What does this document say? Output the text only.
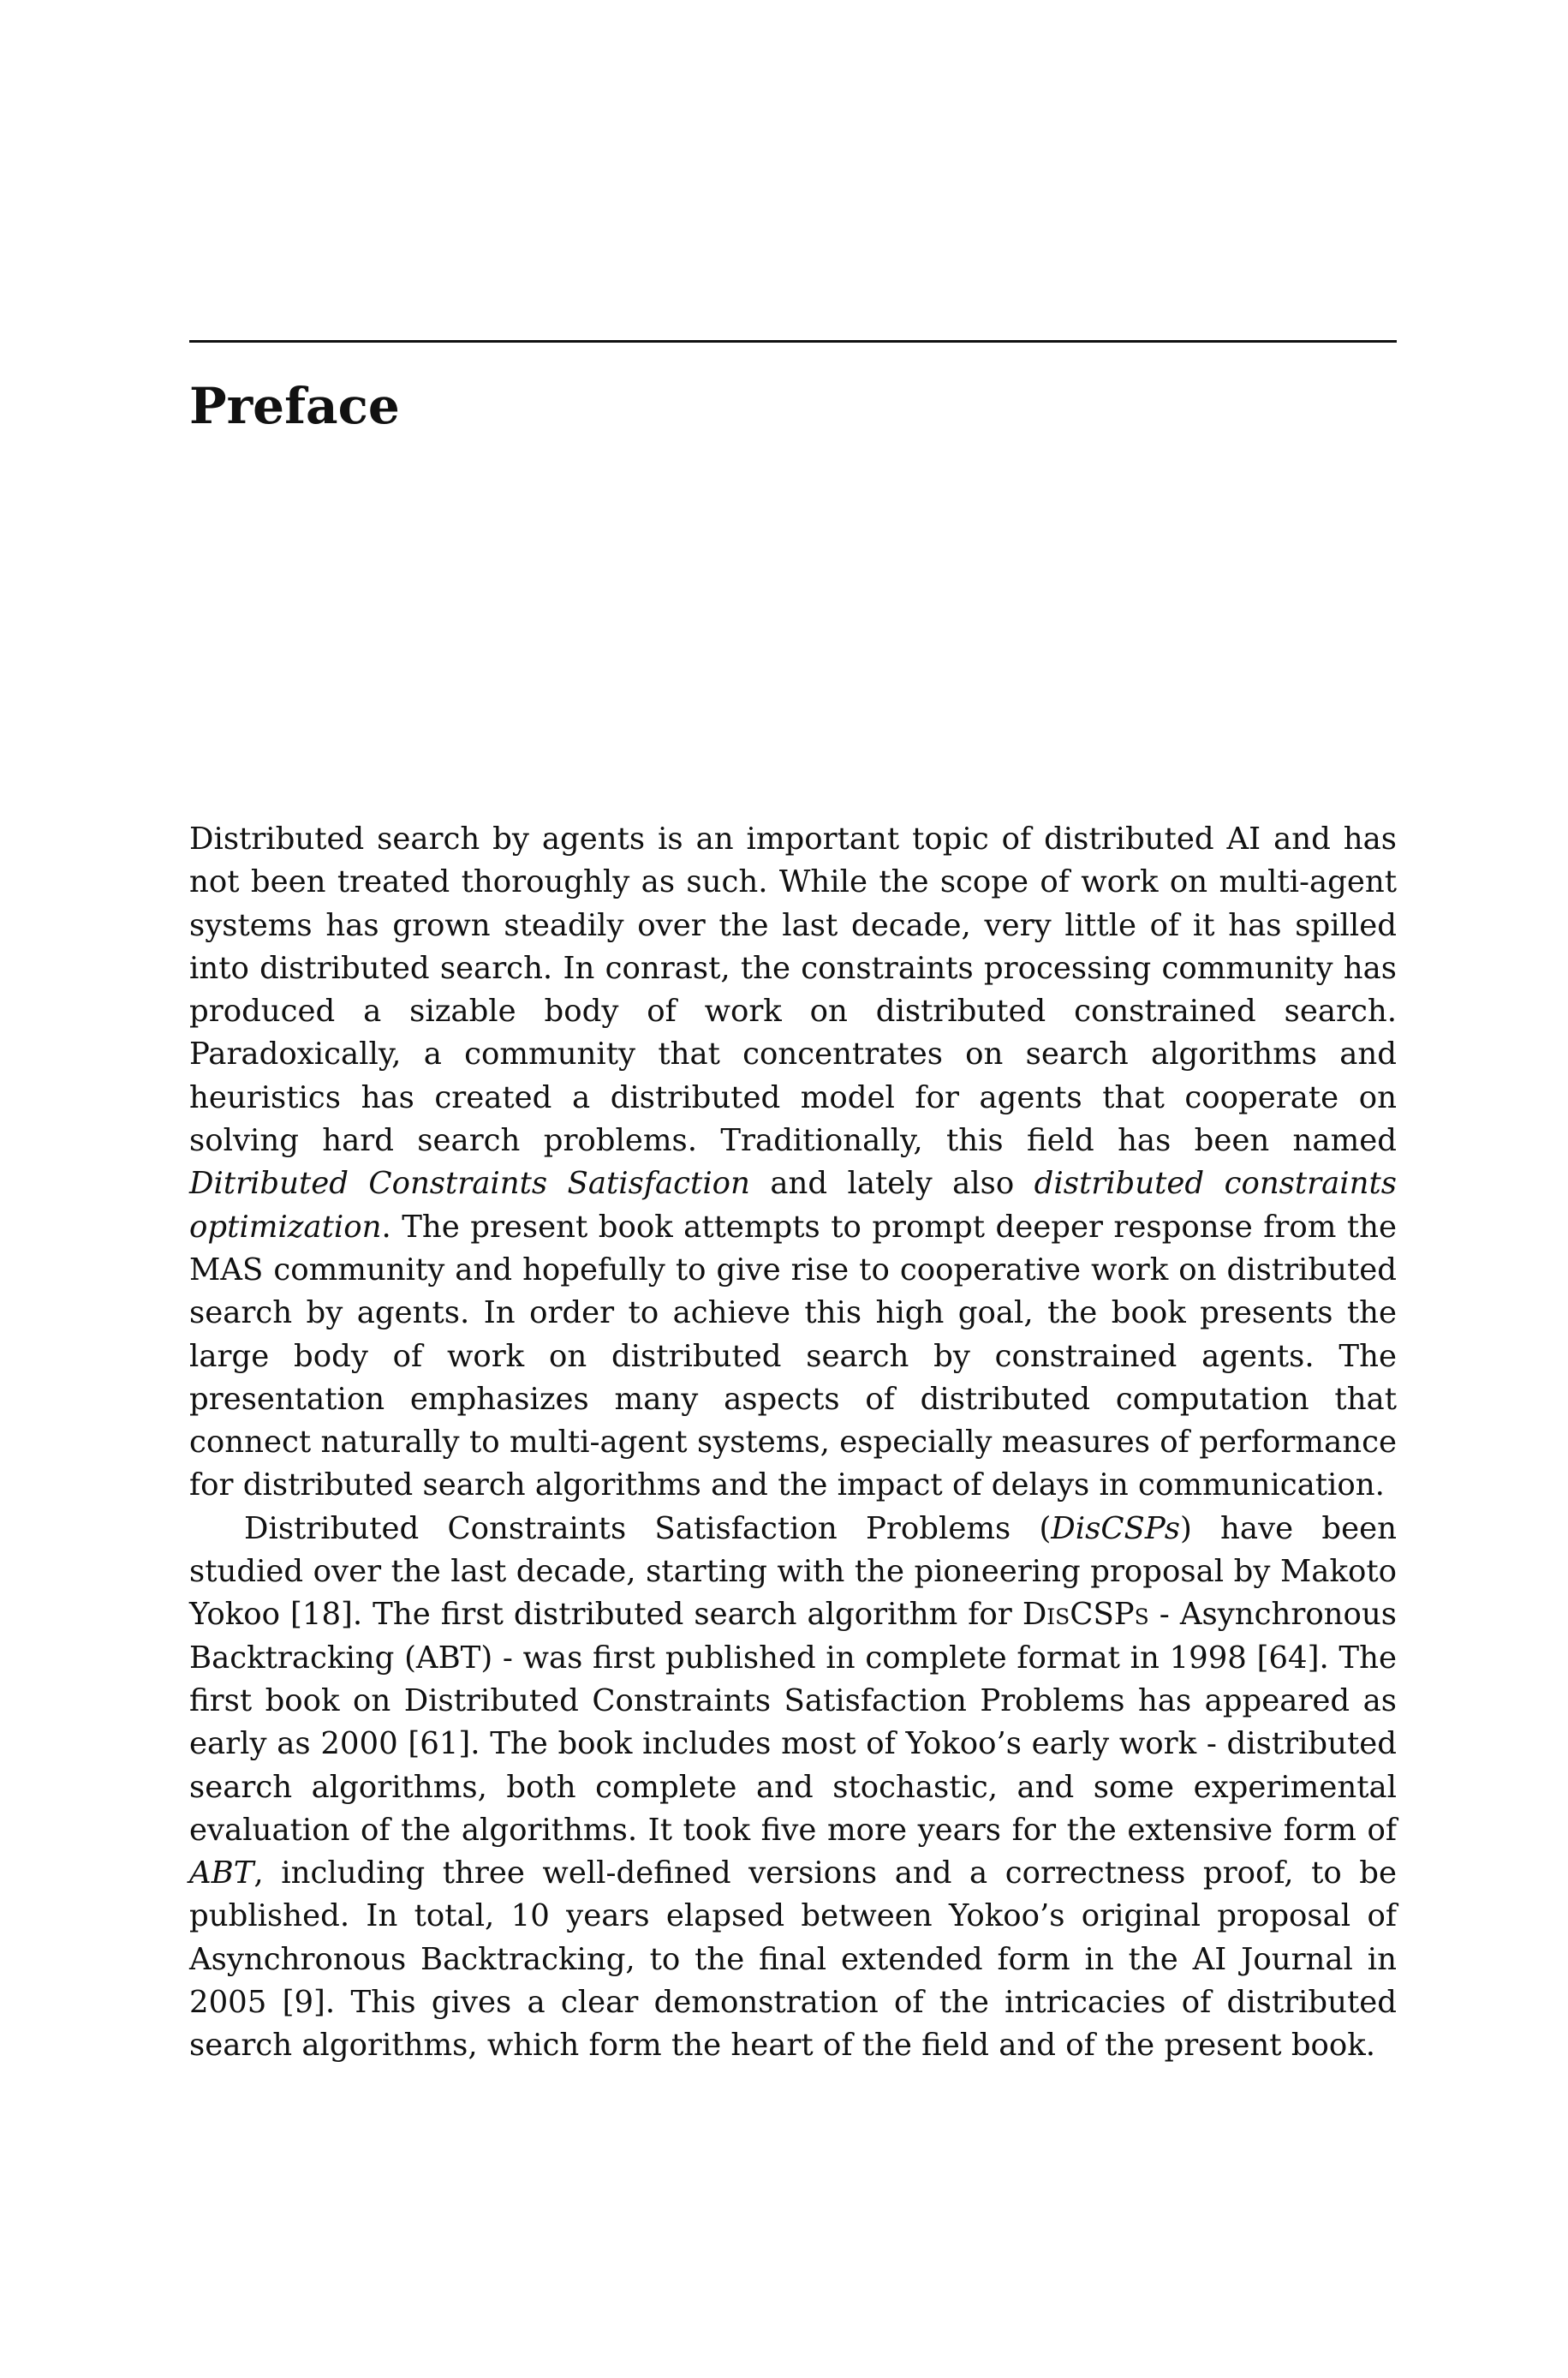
Preface

Distributed search by agents is an important topic of distributed AI and has not been treated thoroughly as such. While the scope of work on multi-agent systems has grown steadily over the last decade, very little of it has spilled into distributed search. In conrast, the constraints processing community has produced a sizable body of work on distributed constrained search. Paradoxically, a community that concentrates on search algorithms and heuristics has created a distributed model for agents that cooperate on solving hard search problems. Traditionally, this field has been named Ditributed Constraints Satisfaction and lately also distributed constraints optimization. The present book attempts to prompt deeper response from the MAS community and hopefully to give rise to cooperative work on distributed search by agents. In order to achieve this high goal, the book presents the large body of work on distributed search by constrained agents. The presentation emphasizes many aspects of distributed computation that connect naturally to multi-agent systems, especially measures of performance for distributed search algorithms and the impact of delays in communication.

Distributed Constraints Satisfaction Problems (DisCSPs) have been studied over the last decade, starting with the pioneering proposal by Makoto Yokoo [18]. The first distributed search algorithm for DisCSPs - Asynchronous Backtracking (ABT) - was first published in complete format in 1998 [64]. The first book on Distributed Constraints Satisfaction Problems has appeared as early as 2000 [61]. The book includes most of Yokoo’s early work - distributed search algorithms, both complete and stochastic, and some experimental evaluation of the algorithms. It took five more years for the extensive form of ABT, including three well-defined versions and a correctness proof, to be published. In total, 10 years elapsed between Yokoo’s original proposal of Asynchronous Backtracking, to the final extended form in the AI Journal in 2005 [9]. This gives a clear demonstration of the intricacies of distributed search algorithms, which form the heart of the field and of the present book.
